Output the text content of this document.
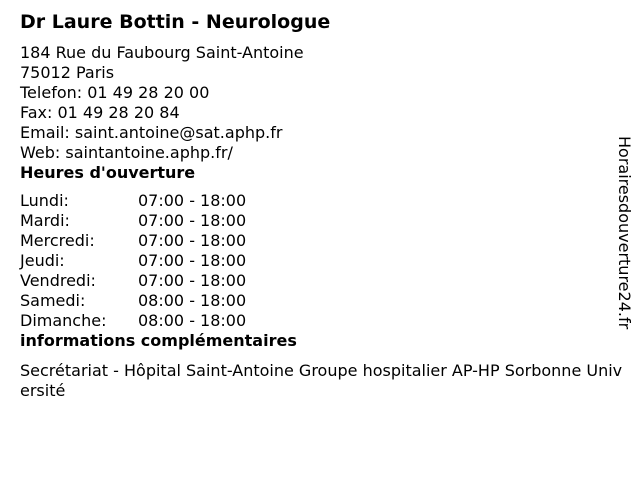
Dr Laure Bottin - Neurologue
184 Rue du Faubourg Saint-Antoine
75012 Paris
Telefon: 01 49 28 20 00
Fax: 01 49 28 20 84
Email: saint.antoine@sat.aphp.fr
Web: saintantoine.aphp.fr/
Heures d'ouverture
Lundi:	07:00 - 18:00
Mardi:	07:00 - 18:00
Mercredi:	07:00 - 18:00
Jeudi:	07:00 - 18:00
Vendredi:	07:00 - 18:00
Samedi:	08:00 - 18:00
Dimanche:	08:00 - 18:00
informations complémentaires
Secrétariat - Hôpital Saint-Antoine Groupe hospitalier AP-HP Sorbonne Université
Horairesdouverture24.fr
